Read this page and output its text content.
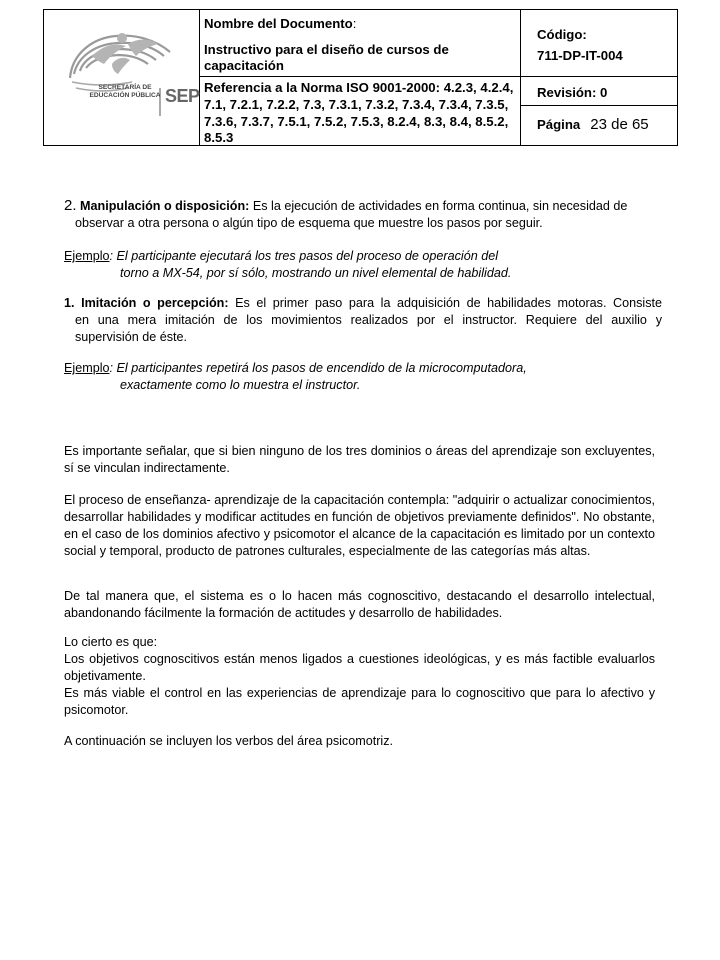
SECRETARÍA DE EDUCACIÓN PÚBLICA SEP
Nombre del Documento:
Instructivo para el diseño de cursos de capacitación
Referencia a la Norma ISO 9001-2000: 4.2.3, 4.2.4, 7.1, 7.2.1, 7.2.2, 7.3, 7.3.1, 7.3.2, 7.3.4, 7.3.4, 7.3.5, 7.3.6, 7.3.7, 7.5.1, 7.5.2, 7.5.3, 8.2.4, 8.3, 8.4, 8.5.2, 8.5.3
Código:
711-DP-IT-004
Revisión: 0
Página 23 de 65
2. Manipulación o disposición: Es la ejecución de actividades en forma continua, sin necesidad de
observar a otra persona o algún tipo de esquema que muestre los pasos por seguir.
Ejemplo: El participante ejecutará los tres pasos del proceso de operación del
torno a MX-54, por sí sólo, mostrando un nivel elemental de habilidad.
1. Imitación o percepción: Es el primer paso para la adquisición de habilidades motoras. Consiste
en una mera imitación de los movimientos realizados por el instructor. Requiere del auxilio y
supervisión de éste.
Ejemplo: El participantes repetirá los pasos de encendido de la microcomputadora,
exactamente como lo muestra el instructor.
Es importante señalar, que si bien ninguno de los tres dominios o áreas del aprendizaje son excluyentes, sí se vinculan indirectamente.
El proceso de enseñanza- aprendizaje de la capacitación contempla: "adquirir o actualizar conocimientos, desarrollar habilidades y modificar actitudes en función de objetivos previamente definidos". No obstante, en el caso de los dominios afectivo y psicomotor el alcance de la capacitación es limitado por un contexto social y temporal, producto de patrones culturales, especialmente de las categorías más altas.
De tal manera que, el sistema es o lo hacen más cognoscitivo, destacando el desarrollo intelectual, abandonando fácilmente la formación de actitudes y desarrollo de habilidades.
Lo cierto es que:
Los objetivos cognoscitivos están menos ligados a cuestiones ideológicas, y es más factible evaluarlos objetivamente.
Es más viable el control en las experiencias de aprendizaje para lo cognoscitivo que para lo afectivo y psicomotor.
A continuación se incluyen los verbos del área psicomotriz.
